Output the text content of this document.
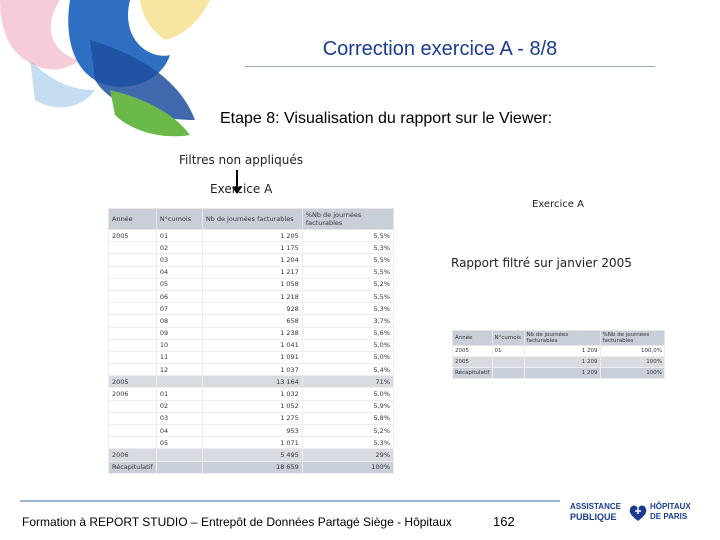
Correction exercice A - 8/8
Etape 8: Visualisation du rapport sur le Viewer:
Filtres non appliqués
Exercice A
Année	N°cumois	Nb de journées facturables	%Nb de journées facturables
2005	01	1 205	5,5%
	02	1 175	5,3%
	03	1 204	5,5%
	04	1 217	5,5%
	05	1 058	5,2%
	06	1 218	5,5%
	07	928	5,3%
	08	658	3,7%
	09	1 238	5,6%
	10	1 041	5,0%
	11	1 091	5,0%
	12	1 037	5,4%
2005		13 164	71%
2006	01	1 032	5,0%
	02	1 052	5,9%
	03	1 275	5,8%
	04	953	5,2%
	05	1 071	5,3%
2006		5 495	29%
Récapitulatif		18 659	100%
Exercice A
Rapport filtré sur janvier 2005
Année	N°cumois	Nb de journées facturables	%Nb de journées facturables
2005	01	1 209	100,0%
2005		1 209	100%
Récapitulatif		1 209	100%
Formation à REPORT STUDIO – Entrepôt de Données Partagé Siège - Hôpitaux	162
ASSISTANCE
PUBLIQUE
HÔPITAUX
DE PARIS
